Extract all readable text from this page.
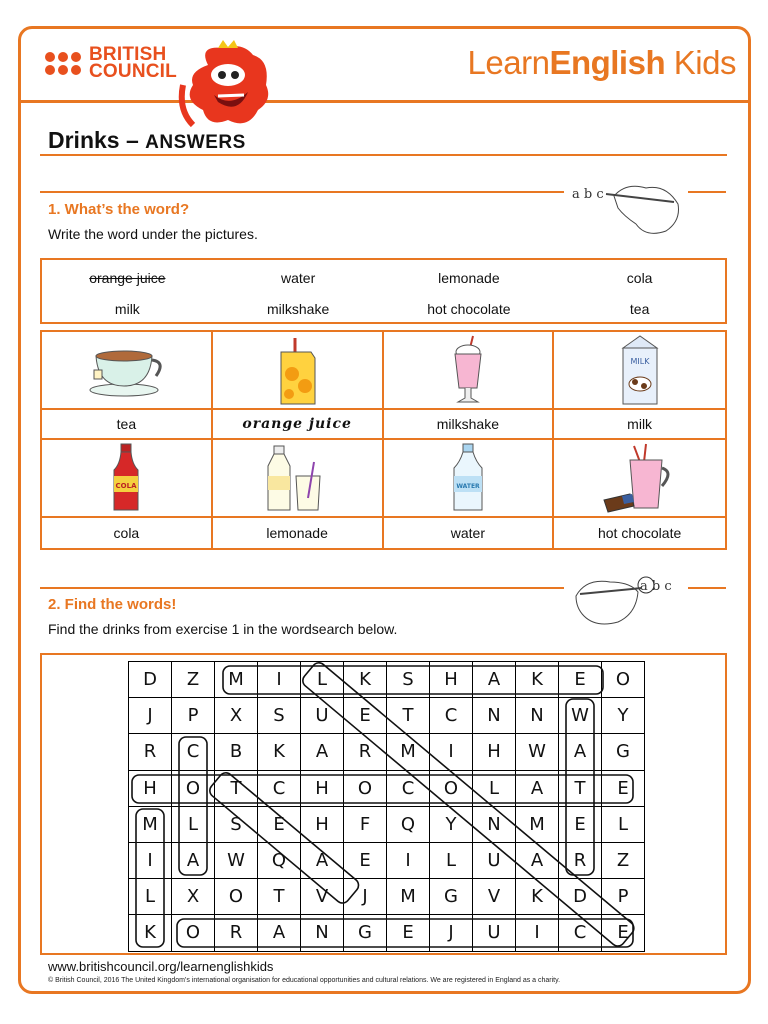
BRITISH
COUNCIL	LearnEnglish Kids
Drinks – ANSWERS
a b c
1. What’s the word?
Write the word under the pictures.
orange juice	water	lemonade	cola
milk	milkshake	hot chocolate	tea
MILK
tea	orange juice	milkshake	milk
COLA	WATER
cola	lemonade	water	hot chocolate
a b c
2. Find the words!
Find the drinks from exercise 1 in the wordsearch below.
D	Z	M	I	L	K	S	H	A	K	E	O
J	P	X	S	U	E	T	C	N	N	W	Y
R	C	B	K	A	R	M	I	H	W	A	G
H	O	T	C	H	O	C	O	L	A	T	E
M	L	S	E	H	F	Q	Y	N	M	E	L
I	A	W	Q	A	E	I	L	U	A	R	Z
L	X	O	T	V	J	M	G	V	K	D	P
K	O	R	A	N	G	E	J	U	I	C	E
www.britishcouncil.org/learnenglishkids
© British Council, 2016 The United Kingdom’s international organisation for educational opportunities and cultural relations. We are registered in England as a charity.
